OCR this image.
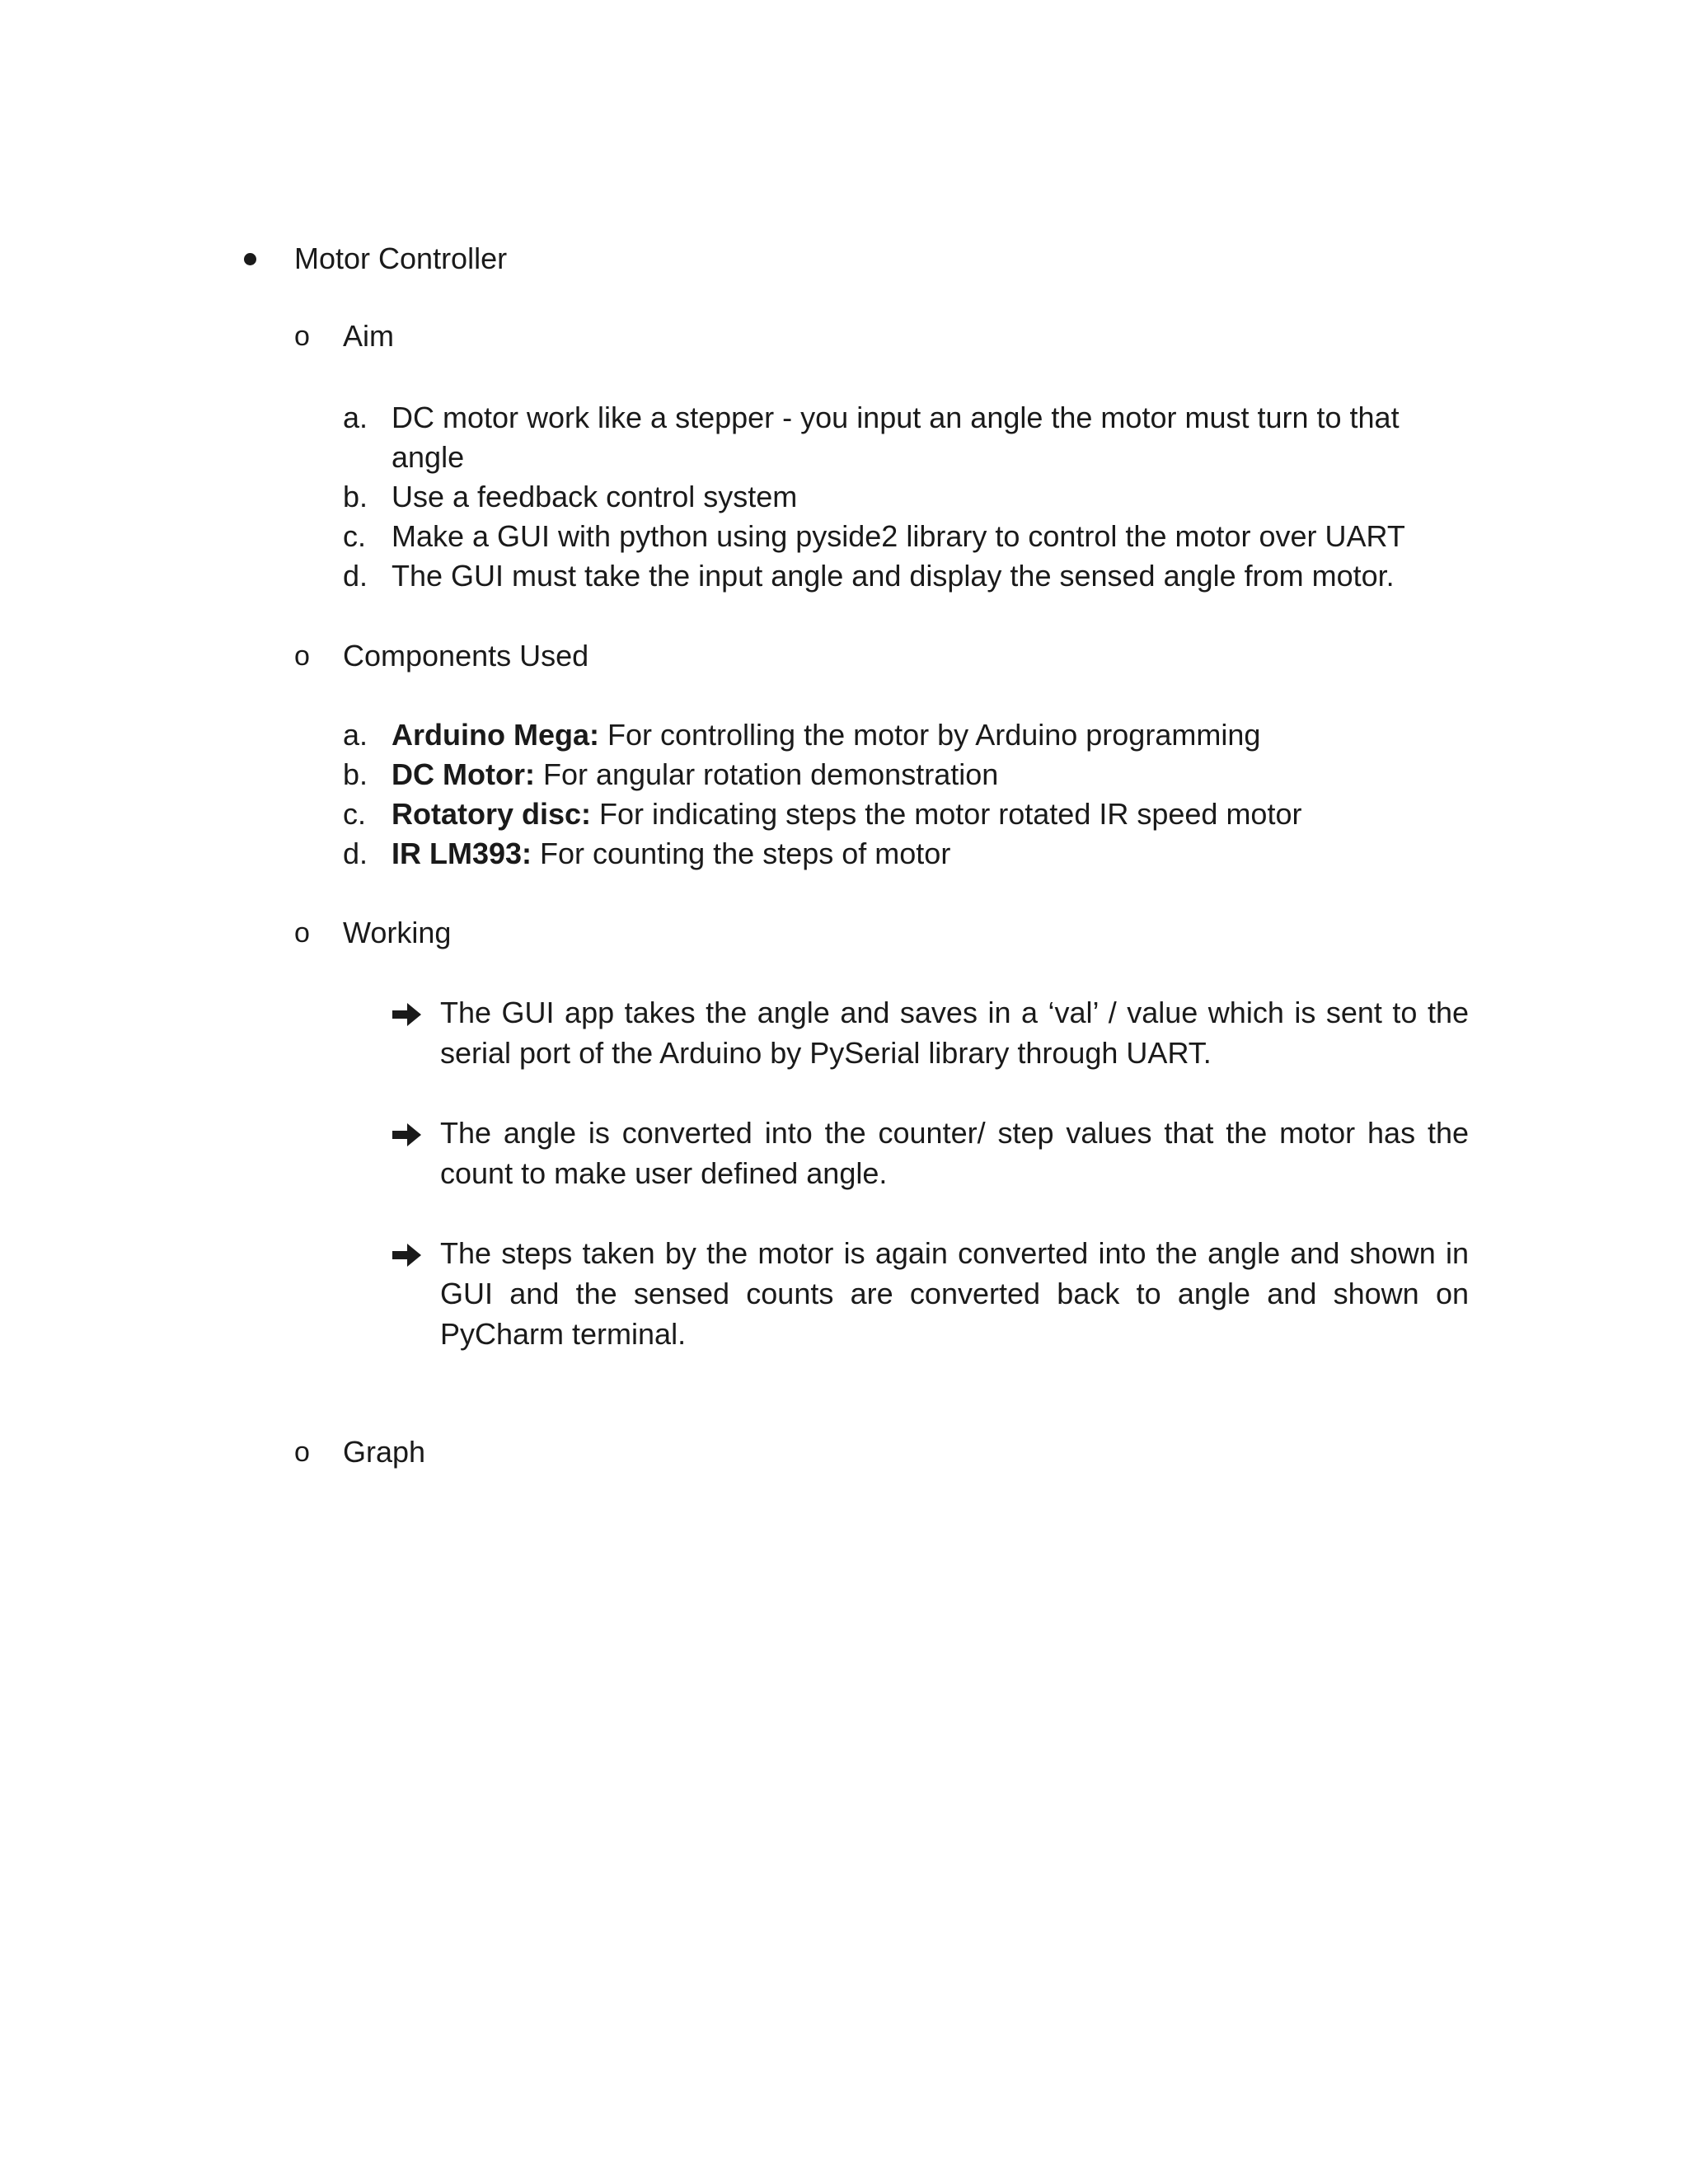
Motor Controller
o Aim
a. DC motor work like a stepper - you input an angle the motor must turn to that
angle
b. Use a feedback control system
c. Make a GUI with python using pyside2 library to control the motor over UART
d. The GUI must take the input angle and display the sensed angle from motor.
o Components Used
a. Arduino Mega: For controlling the motor by Arduino programming
b. DC Motor: For angular rotation demonstration
c. Rotatory disc: For indicating steps the motor rotated IR speed motor
d. IR LM393: For counting the steps of motor
o Working
The GUI app takes the angle and saves in a ‘val’ / value which is sent to the serial port of the Arduino by PySerial library through UART.
The angle is converted into the counter/ step values that the motor has the count to make user defined angle.
The steps taken by the motor is again converted into the angle and shown in GUI and the sensed counts are converted back to angle and shown on PyCharm terminal.
o Graph
